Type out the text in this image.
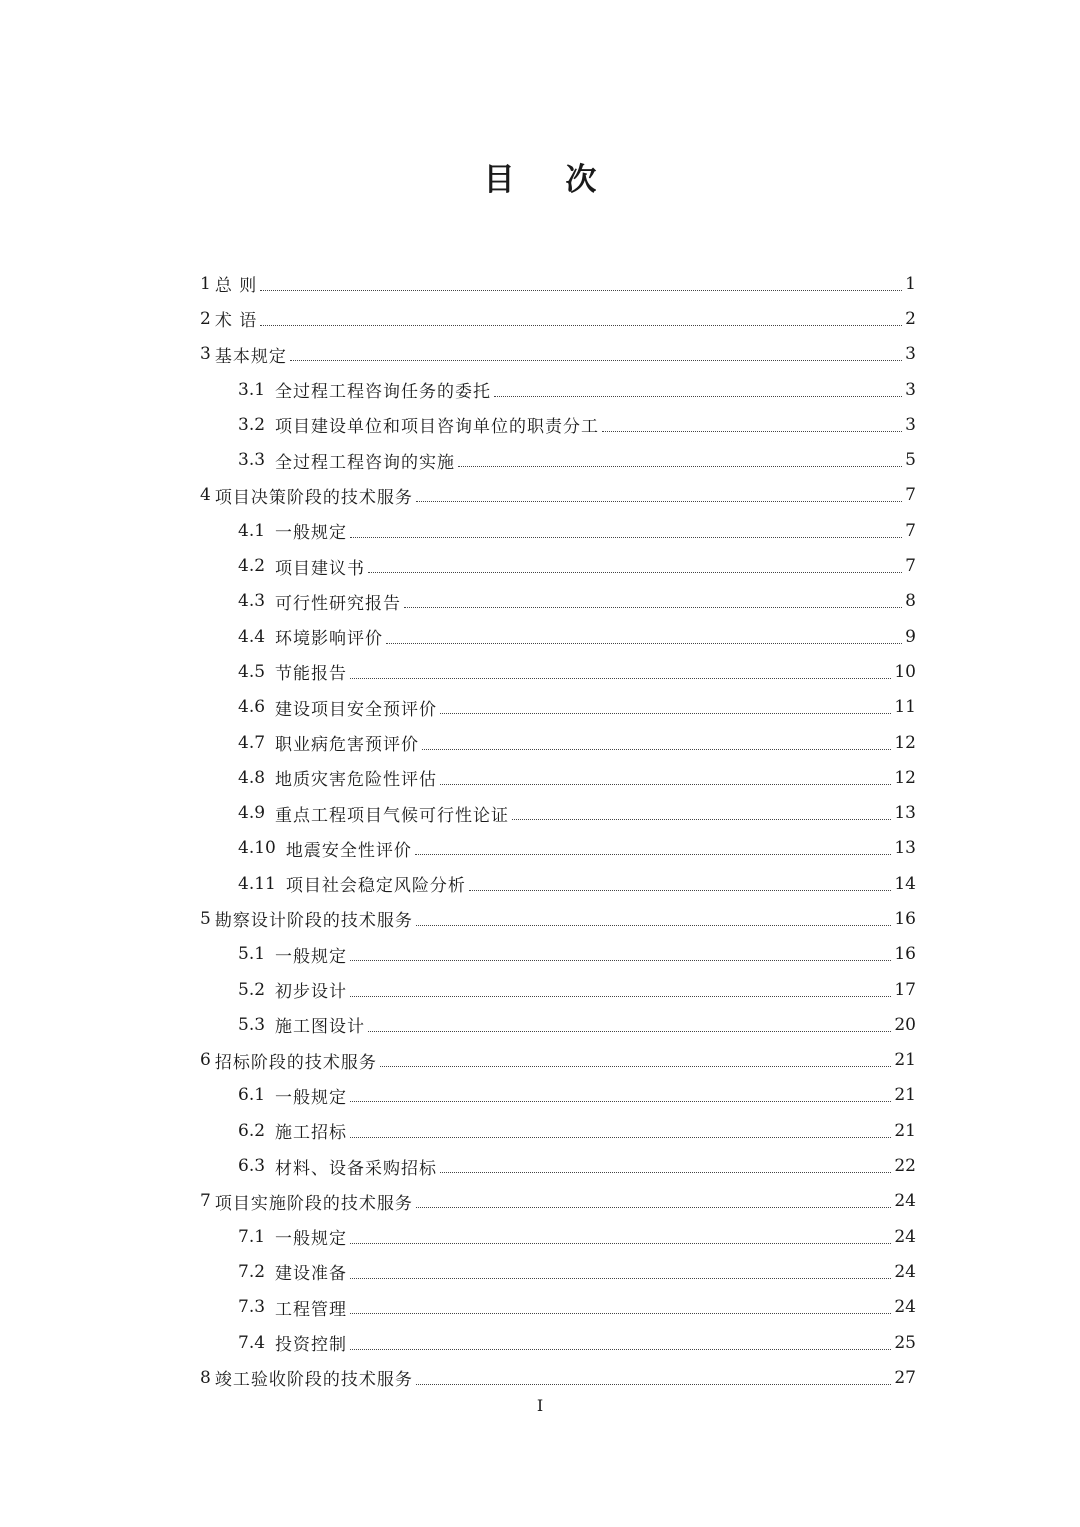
目 次
1 总 则	1
2 术 语	2
3 基本规定	3
3.1 全过程工程咨询任务的委托	3
3.2 项目建设单位和项目咨询单位的职责分工	3
3.3 全过程工程咨询的实施	5
4 项目决策阶段的技术服务	7
4.1 一般规定	7
4.2 项目建议书	7
4.3 可行性研究报告	8
4.4 环境影响评价	9
4.5 节能报告	10
4.6 建设项目安全预评价	11
4.7 职业病危害预评价	12
4.8 地质灾害危险性评估	12
4.9 重点工程项目气候可行性论证	13
4.10 地震安全性评价	13
4.11 项目社会稳定风险分析	14
5 勘察设计阶段的技术服务	16
5.1 一般规定	16
5.2 初步设计	17
5.3 施工图设计	20
6 招标阶段的技术服务	21
6.1 一般规定	21
6.2 施工招标	21
6.3 材料、设备采购招标	22
7 项目实施阶段的技术服务	24
7.1 一般规定	24
7.2 建设准备	24
7.3 工程管理	24
7.4 投资控制	25
8 竣工验收阶段的技术服务	27
I
